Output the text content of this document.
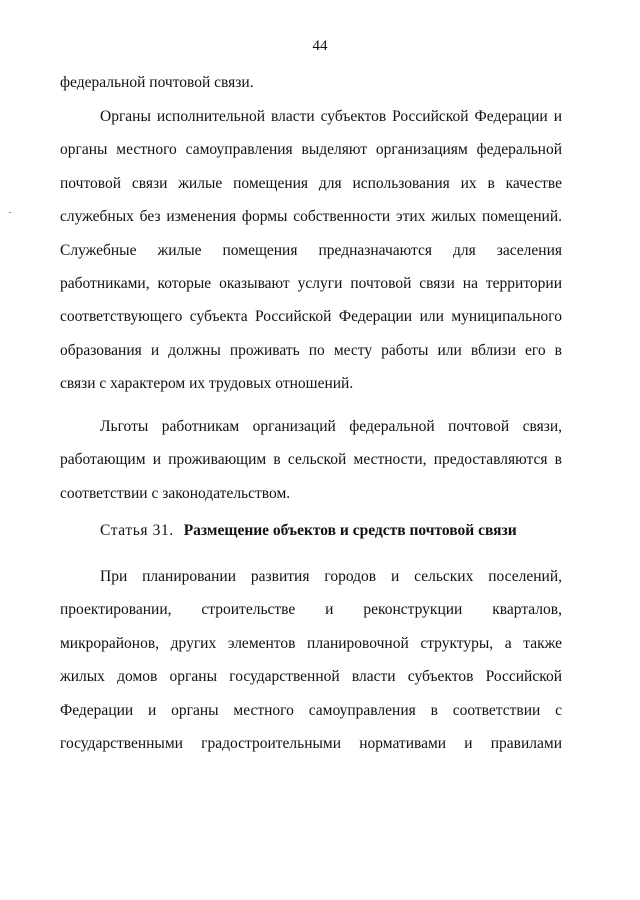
44
федеральной почтовой связи.
Органы исполнительной власти субъектов Российской Федерации и
органы местного самоуправления выделяют организациям федеральной
почтовой связи жилые помещения для использования их в качестве
служебных без изменения формы собственности этих жилых помещений.
Служебные жилые помещения предназначаются для заселения
работниками, которые оказывают услуги почтовой связи на территории
соответствующего субъекта Российской Федерации или муниципального
образования и должны проживать по месту работы или вблизи его в
связи с характером их трудовых отношений.
Льготы работникам организаций федеральной почтовой связи,
работающим и проживающим в сельской местности, предоставляются в
соответствии с законодательством.
Статья 31. Размещение объектов и средств почтовой связи
При планировании развития городов и сельских поселений,
проектировании, строительстве и реконструкции кварталов,
микрорайонов, других элементов планировочной структуры, а также
жилых домов органы государственной власти субъектов Российской
Федерации и органы местного самоуправления в соответствии с
государственными градостроительными нормативами и правилами
